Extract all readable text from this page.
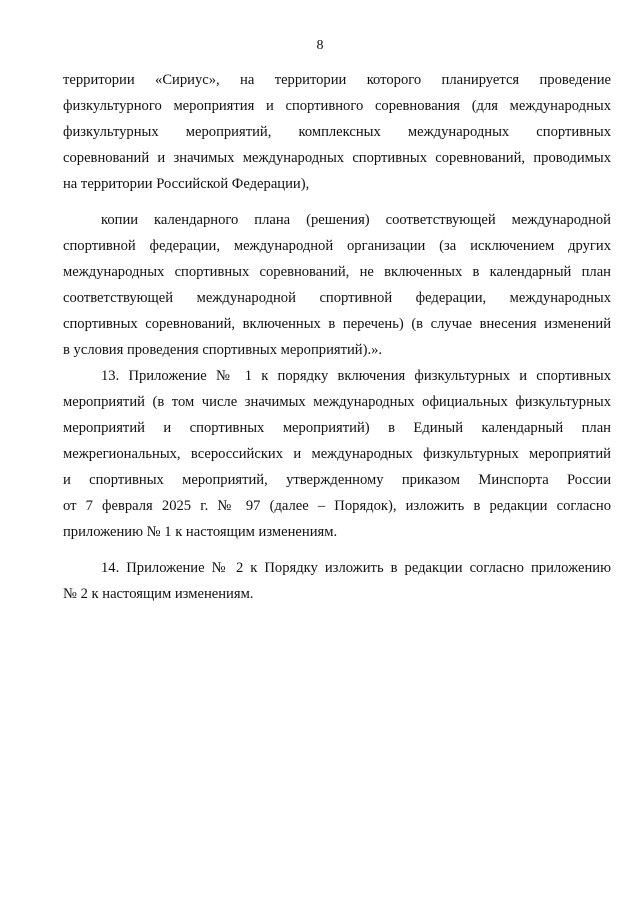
8

территории «Сириус», на территории которого планируется проведение
физкультурного мероприятия и спортивного соревнования (для международных
физкультурных мероприятий, комплексных международных спортивных
соревнований и значимых международных спортивных соревнований, проводимых
на территории Российской Федерации),

копии календарного плана (решения) соответствующей международной
спортивной федерации, международной организации (за исключением других
международных спортивных соревнований, не включенных в календарный план
соответствующей международной спортивной федерации, международных
спортивных соревнований, включенных в перечень) (в случае внесения изменений
в условия проведения спортивных мероприятий).».

13. Приложение № 1 к порядку включения физкультурных и спортивных
мероприятий (в том числе значимых международных официальных физкультурных
мероприятий и спортивных мероприятий) в Единый календарный план
межрегиональных, всероссийских и международных физкультурных мероприятий
и спортивных мероприятий, утвержденному приказом Минспорта России
от 7 февраля 2025 г. № 97 (далее – Порядок), изложить в редакции согласно
приложению № 1 к настоящим изменениям.

14. Приложение № 2 к Порядку изложить в редакции согласно приложению
№ 2 к настоящим изменениям.
